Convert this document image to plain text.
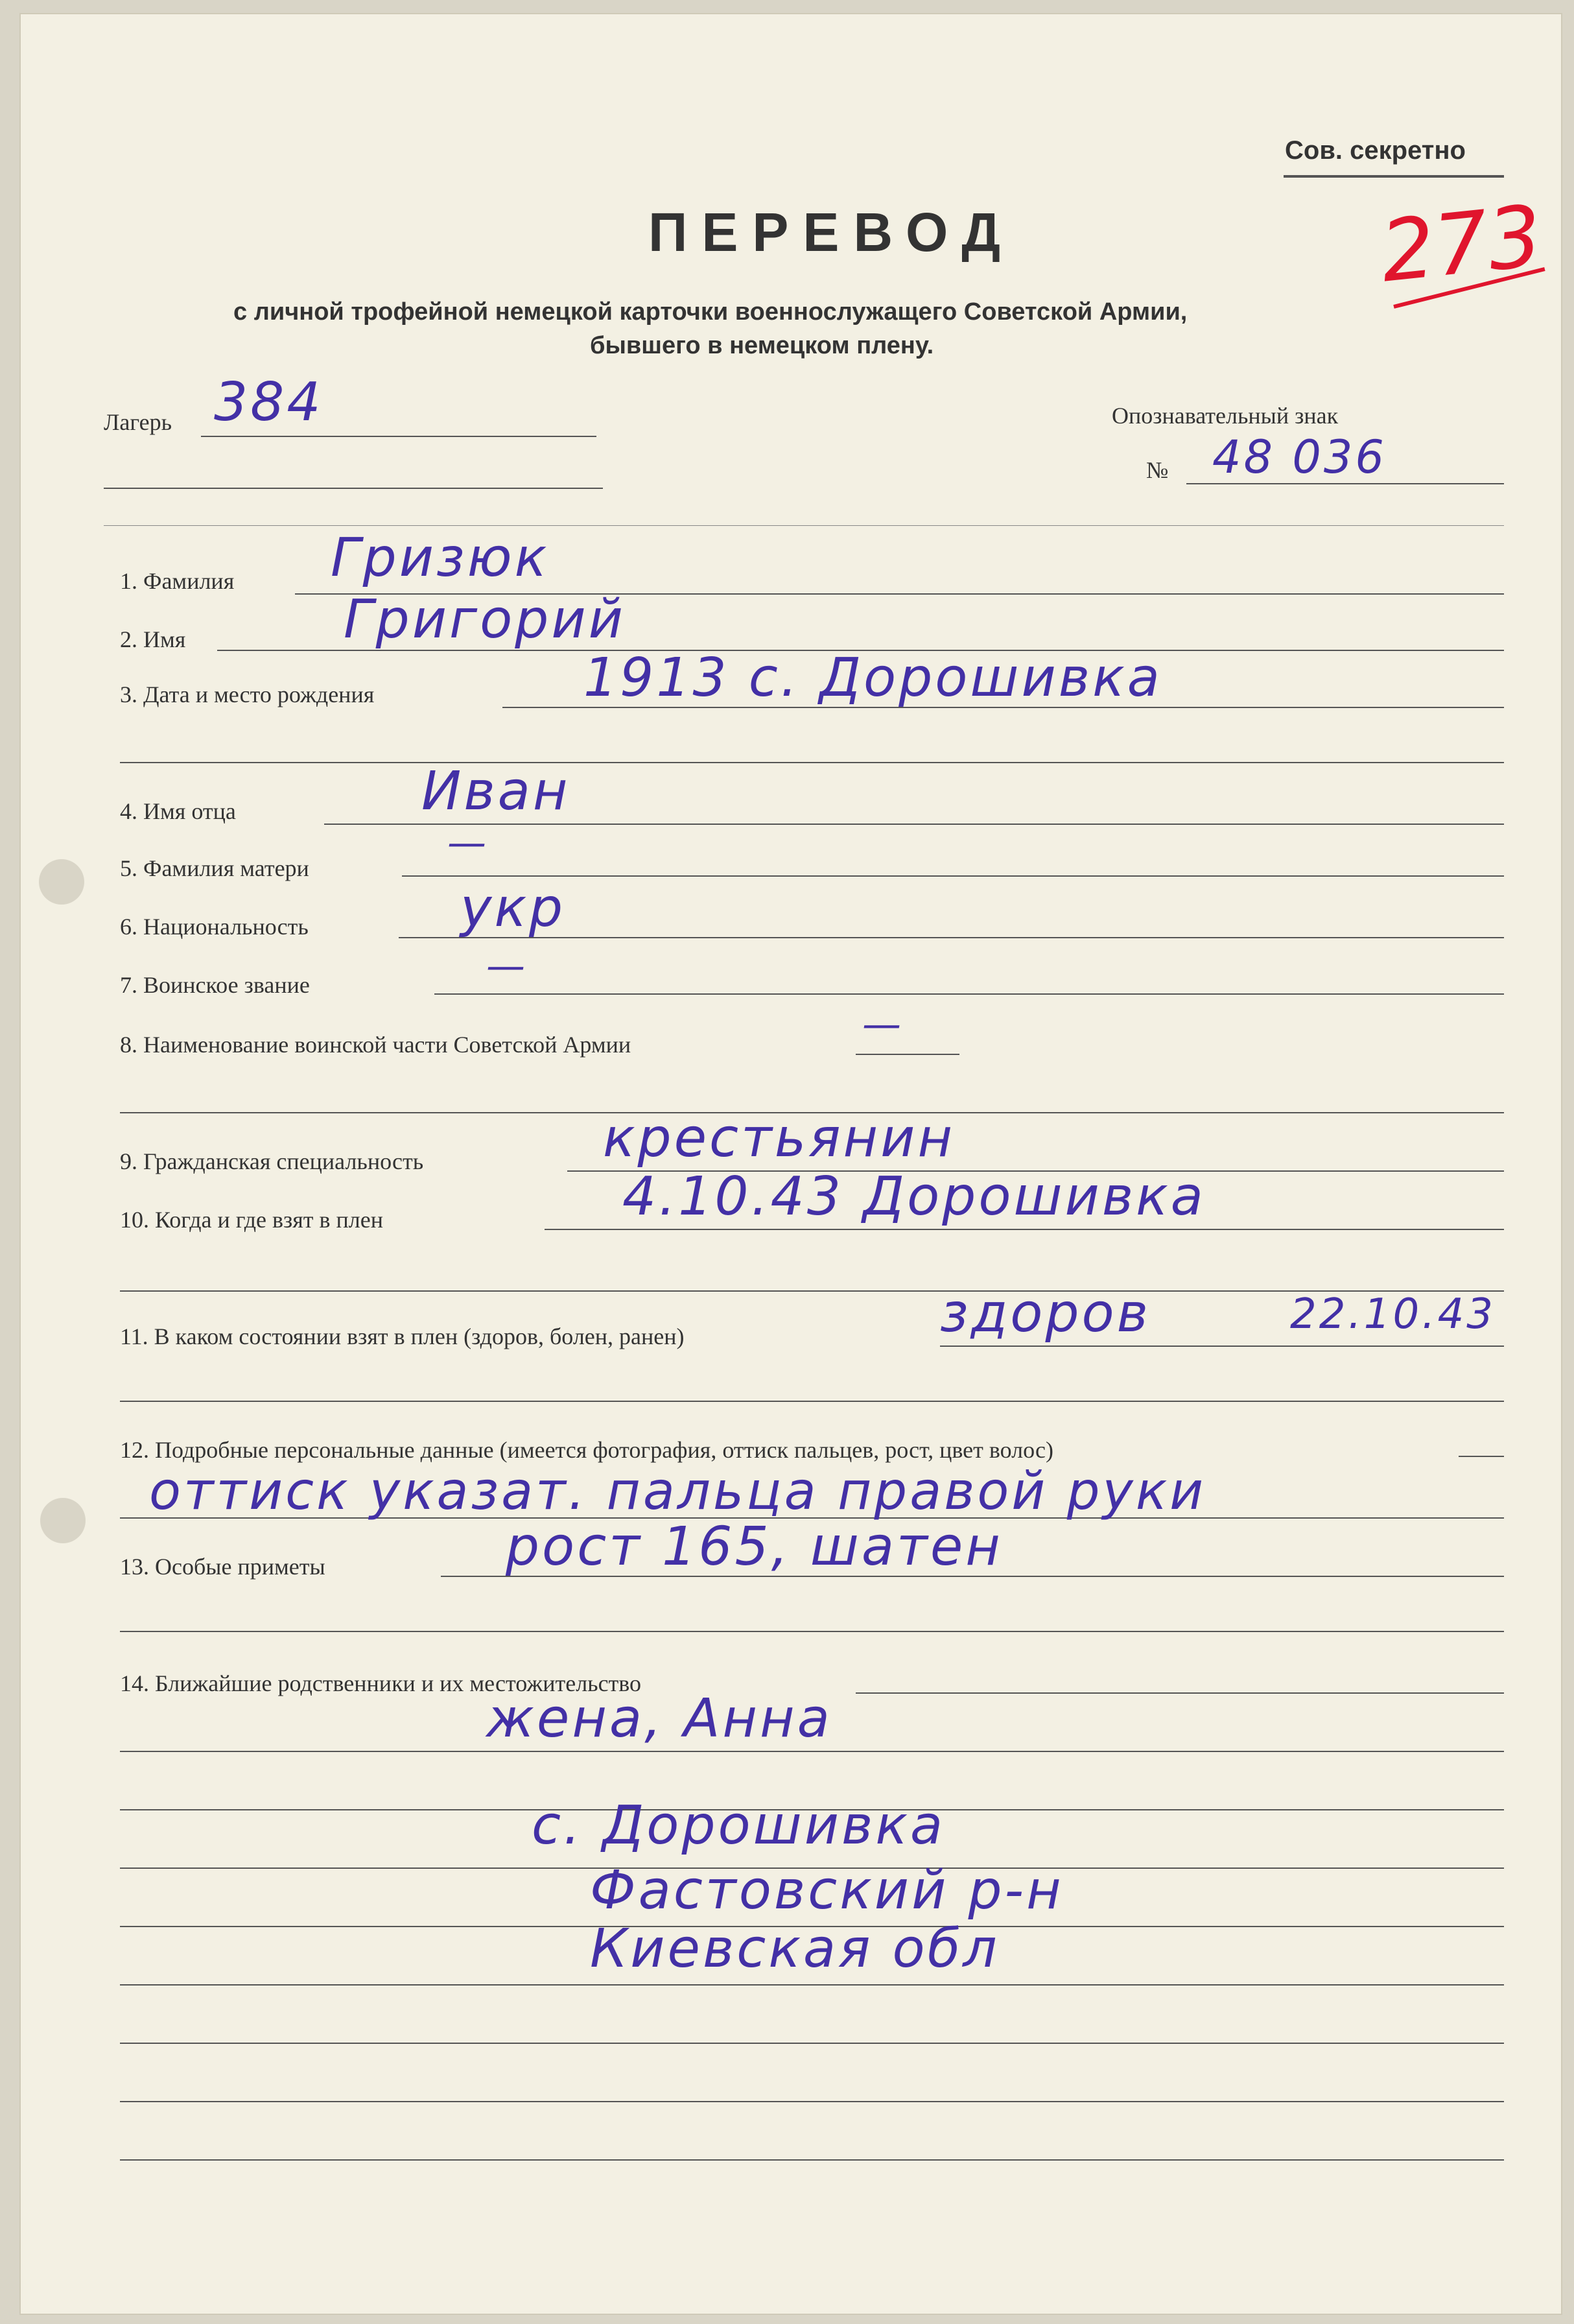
Сов. секретно
273
ПЕРЕВОД
с личной трофейной немецкой карточки военнослужащего Советской Армии,
бывшего в немецком плену.
Лагерь 384	Опознавательный знак
№ 48 036
1. Фамилия Гризюк
2. Имя	Григорий
3. Дата и место рождения	1913 с. Дорошивка
4. Имя отца	Иван
5. Фамилия матери
—
6. Национальность	укр
7. Воинское звание	—
8. Наименование воинской части Советской Армии	—
9. Гражданская специальность	крестьянин
10. Когда и где взят в плен	4.10.43 Дорошивка
11. В каком состоянии взят в плен (здоров, болен, ранен)	здоров	22.10.43
12. Подробные персональные данные (имеется фотография, оттиск пальцев, рост, цвет волос)
оттиск указат. пальца правой руки
13. Особые приметы	рост 165, шатен
14. Ближайшие родственники и их местожительство
жена, Анна
с. Дорошивка
Фастовский р-н
Киевская обл
